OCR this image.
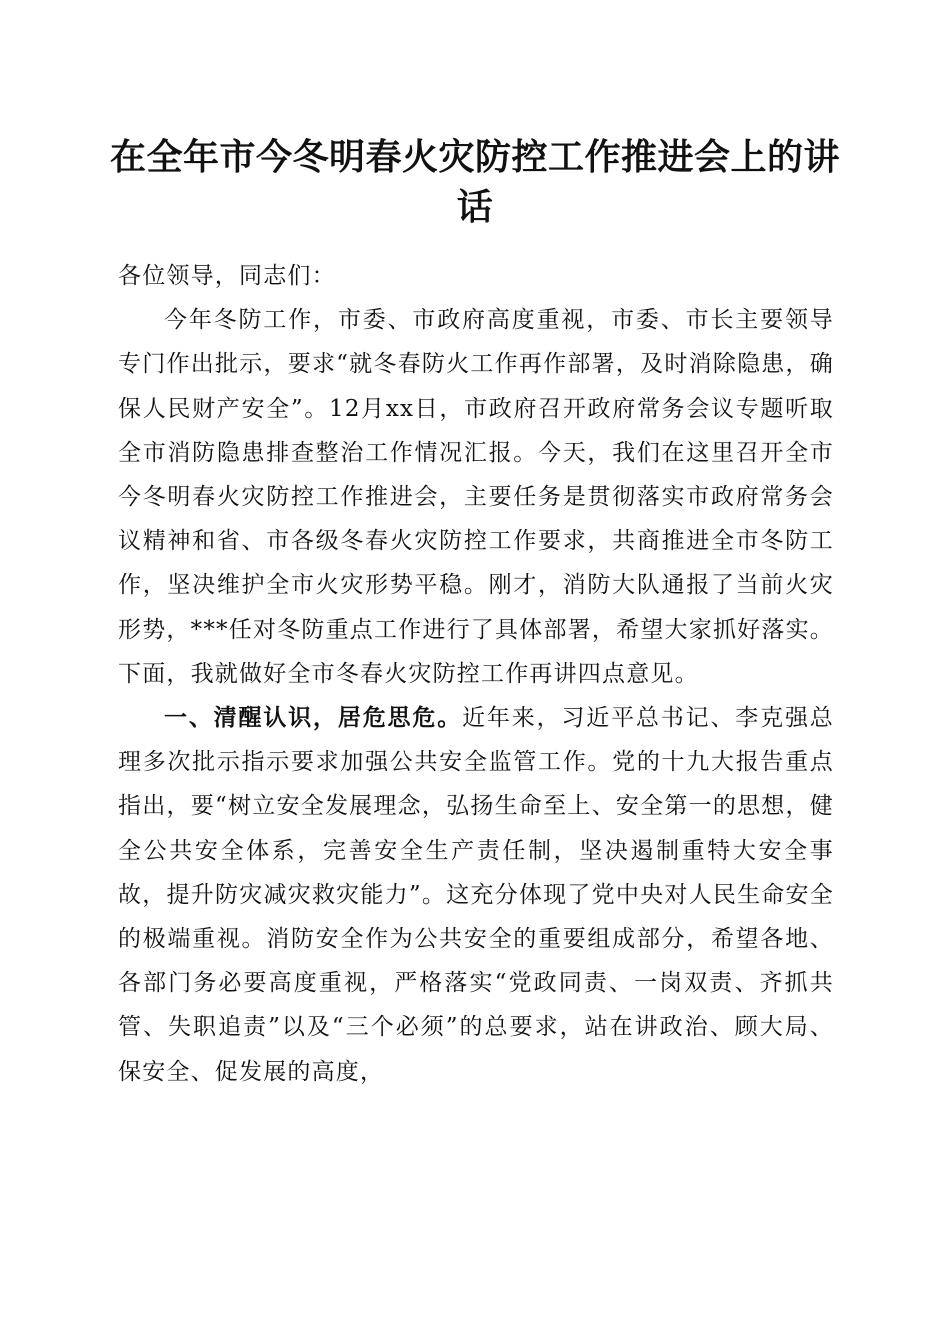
在全年市今冬明春火灾防控工作推进会上的讲话

各位领导，同志们：

今年冬防工作，市委、市政府高度重视，市委、市长主要领导专门作出批示，要求“就冬春防火工作再作部署，及时消除隐患，确保人民财产安全”。12月xx日，市政府召开政府常务会议专题听取全市消防隐患排查整治工作情况汇报。今天，我们在这里召开全市今冬明春火灾防控工作推进会，主要任务是贯彻落实市政府常务会议精神和省、市各级冬春火灾防控工作要求，共商推进全市冬防工作，坚决维护全市火灾形势平稳。刚才，消防大队通报了当前火灾形势，***任对冬防重点工作进行了具体部署，希望大家抓好落实。下面，我就做好全市冬春火灾防控工作再讲四点意见。

一、清醒认识，居危思危。近年来，习近平总书记、李克强总理多次批示指示要求加强公共安全监管工作。党的十九大报告重点指出，要“树立安全发展理念，弘扬生命至上、安全第一的思想，健全公共安全体系，完善安全生产责任制，坚决遏制重特大安全事故，提升防灾减灾救灾能力”。这充分体现了党中央对人民生命安全的极端重视。消防安全作为公共安全的重要组成部分，希望各地、各部门务必要高度重视，严格落实“党政同责、一岗双责、齐抓共管、失职追责”以及“三个必须”的总要求，站在讲政治、顾大局、保安全、促发展的高度，
